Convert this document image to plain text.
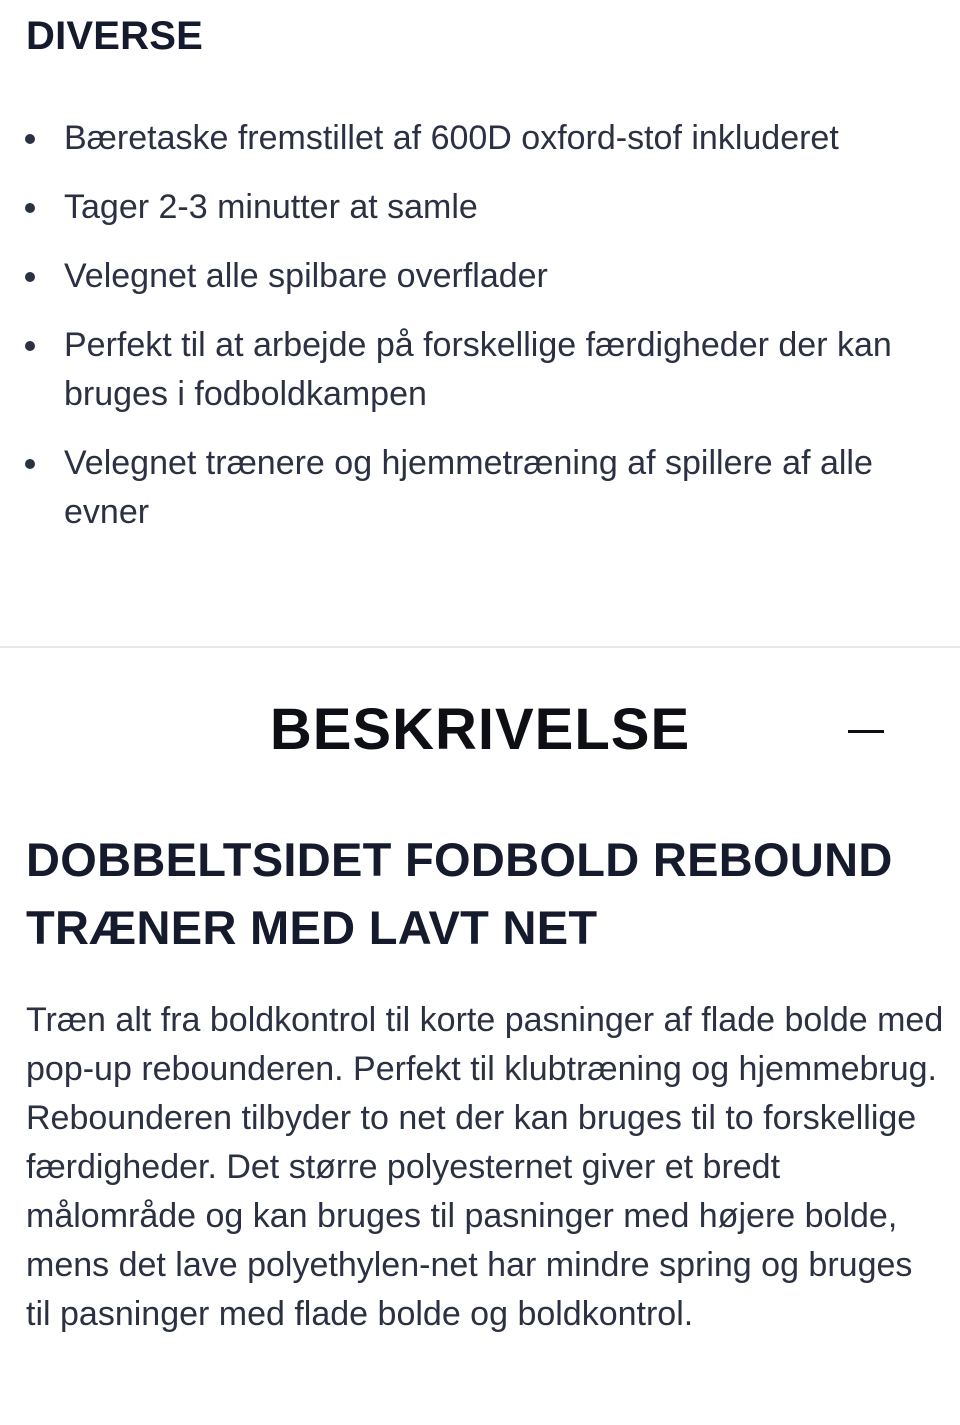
DIVERSE
Bæretaske fremstillet af 600D oxford-stof inkluderet
Tager 2-3 minutter at samle
Velegnet alle spilbare overflader
Perfekt til at arbejde på forskellige færdigheder der kan bruges i fodboldkampen
Velegnet trænere og hjemmetræning af spillere af alle evner
BESKRIVELSE
DOBBELTSIDET FODBOLD REBOUND TRÆNER MED LAVT NET

Træn alt fra boldkontrol til korte pasninger af flade bolde med pop-up rebounderen. Perfekt til klubtræning og hjemmebrug. Rebounderen tilbyder to net der kan bruges til to forskellige færdigheder. Det større polyesternet giver et bredt målområde og kan bruges til pasninger med højere bolde, mens det lave polyethylen-net har mindre spring og bruges til pasninger med flade bolde og boldkontrol.
